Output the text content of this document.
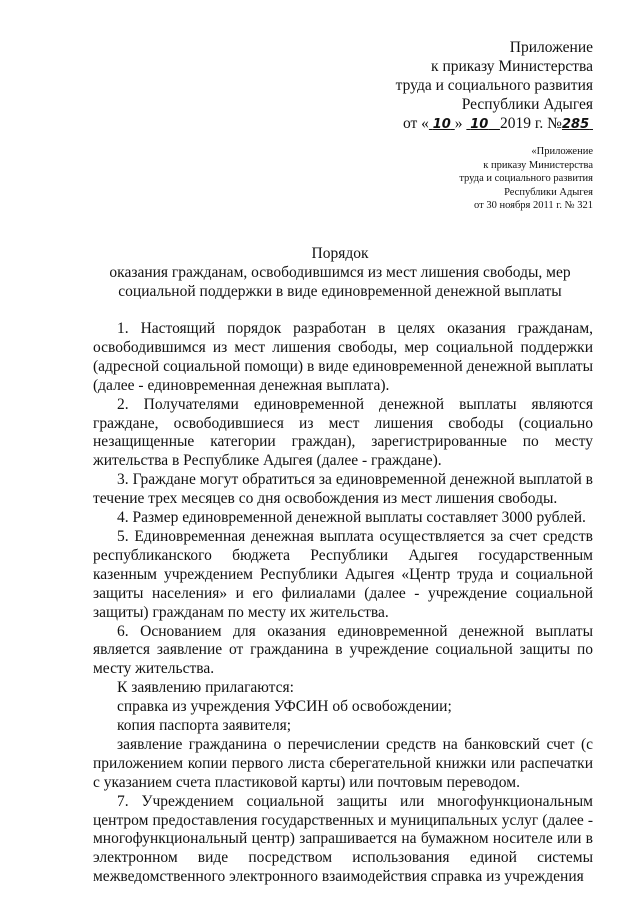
Приложение
к приказу Министерства
труда и социального развития
Республики Адыгея
от « 10 »  10 2019 г. №285
«Приложение
к приказу Министерства
труда и социального развития
Республики Адыгея
от 30 ноября 2011 г. № 321
Порядок
оказания гражданам, освободившимся из мест лишения свободы, мер
социальной поддержки в виде единовременной денежной выплаты

1. Настоящий порядок разработан в целях оказания гражданам, освободившимся из мест лишения свободы, мер социальной поддержки (адресной социальной помощи) в виде единовременной денежной выплаты (далее - единовременная денежная выплата).

2. Получателями единовременной денежной выплаты являются граждане, освободившиеся из мест лишения свободы (социально незащищенные категории граждан), зарегистрированные по месту жительства в Республике Адыгея (далее - граждане).

3. Граждане могут обратиться за единовременной денежной выплатой в течение трех месяцев со дня освобождения из мест лишения свободы.

4. Размер единовременной денежной выплаты составляет 3000 рублей.

5. Единовременная денежная выплата осуществляется за счет средств республиканского бюджета Республики Адыгея государственным казенным учреждением Республики Адыгея «Центр труда и социальной защиты населения» и его филиалами (далее - учреждение социальной защиты) гражданам по месту их жительства.

6. Основанием для оказания единовременной денежной выплаты является заявление от гражданина в учреждение социальной защиты по месту жительства.

К заявлению прилагаются:

справка из учреждения УФСИН об освобождении;

копия паспорта заявителя;

заявление гражданина о перечислении средств на банковский счет (с приложением копии первого листа сберегательной книжки или распечатки с указанием счета пластиковой карты) или почтовым переводом.

7. Учреждением социальной защиты или многофункциональным центром предоставления государственных и муниципальных услуг (далее - многофункциональный центр) запрашивается на бумажном носителе или в электронном виде посредством использования единой системы межведомственного электронного взаимодействия справка из учреждения
